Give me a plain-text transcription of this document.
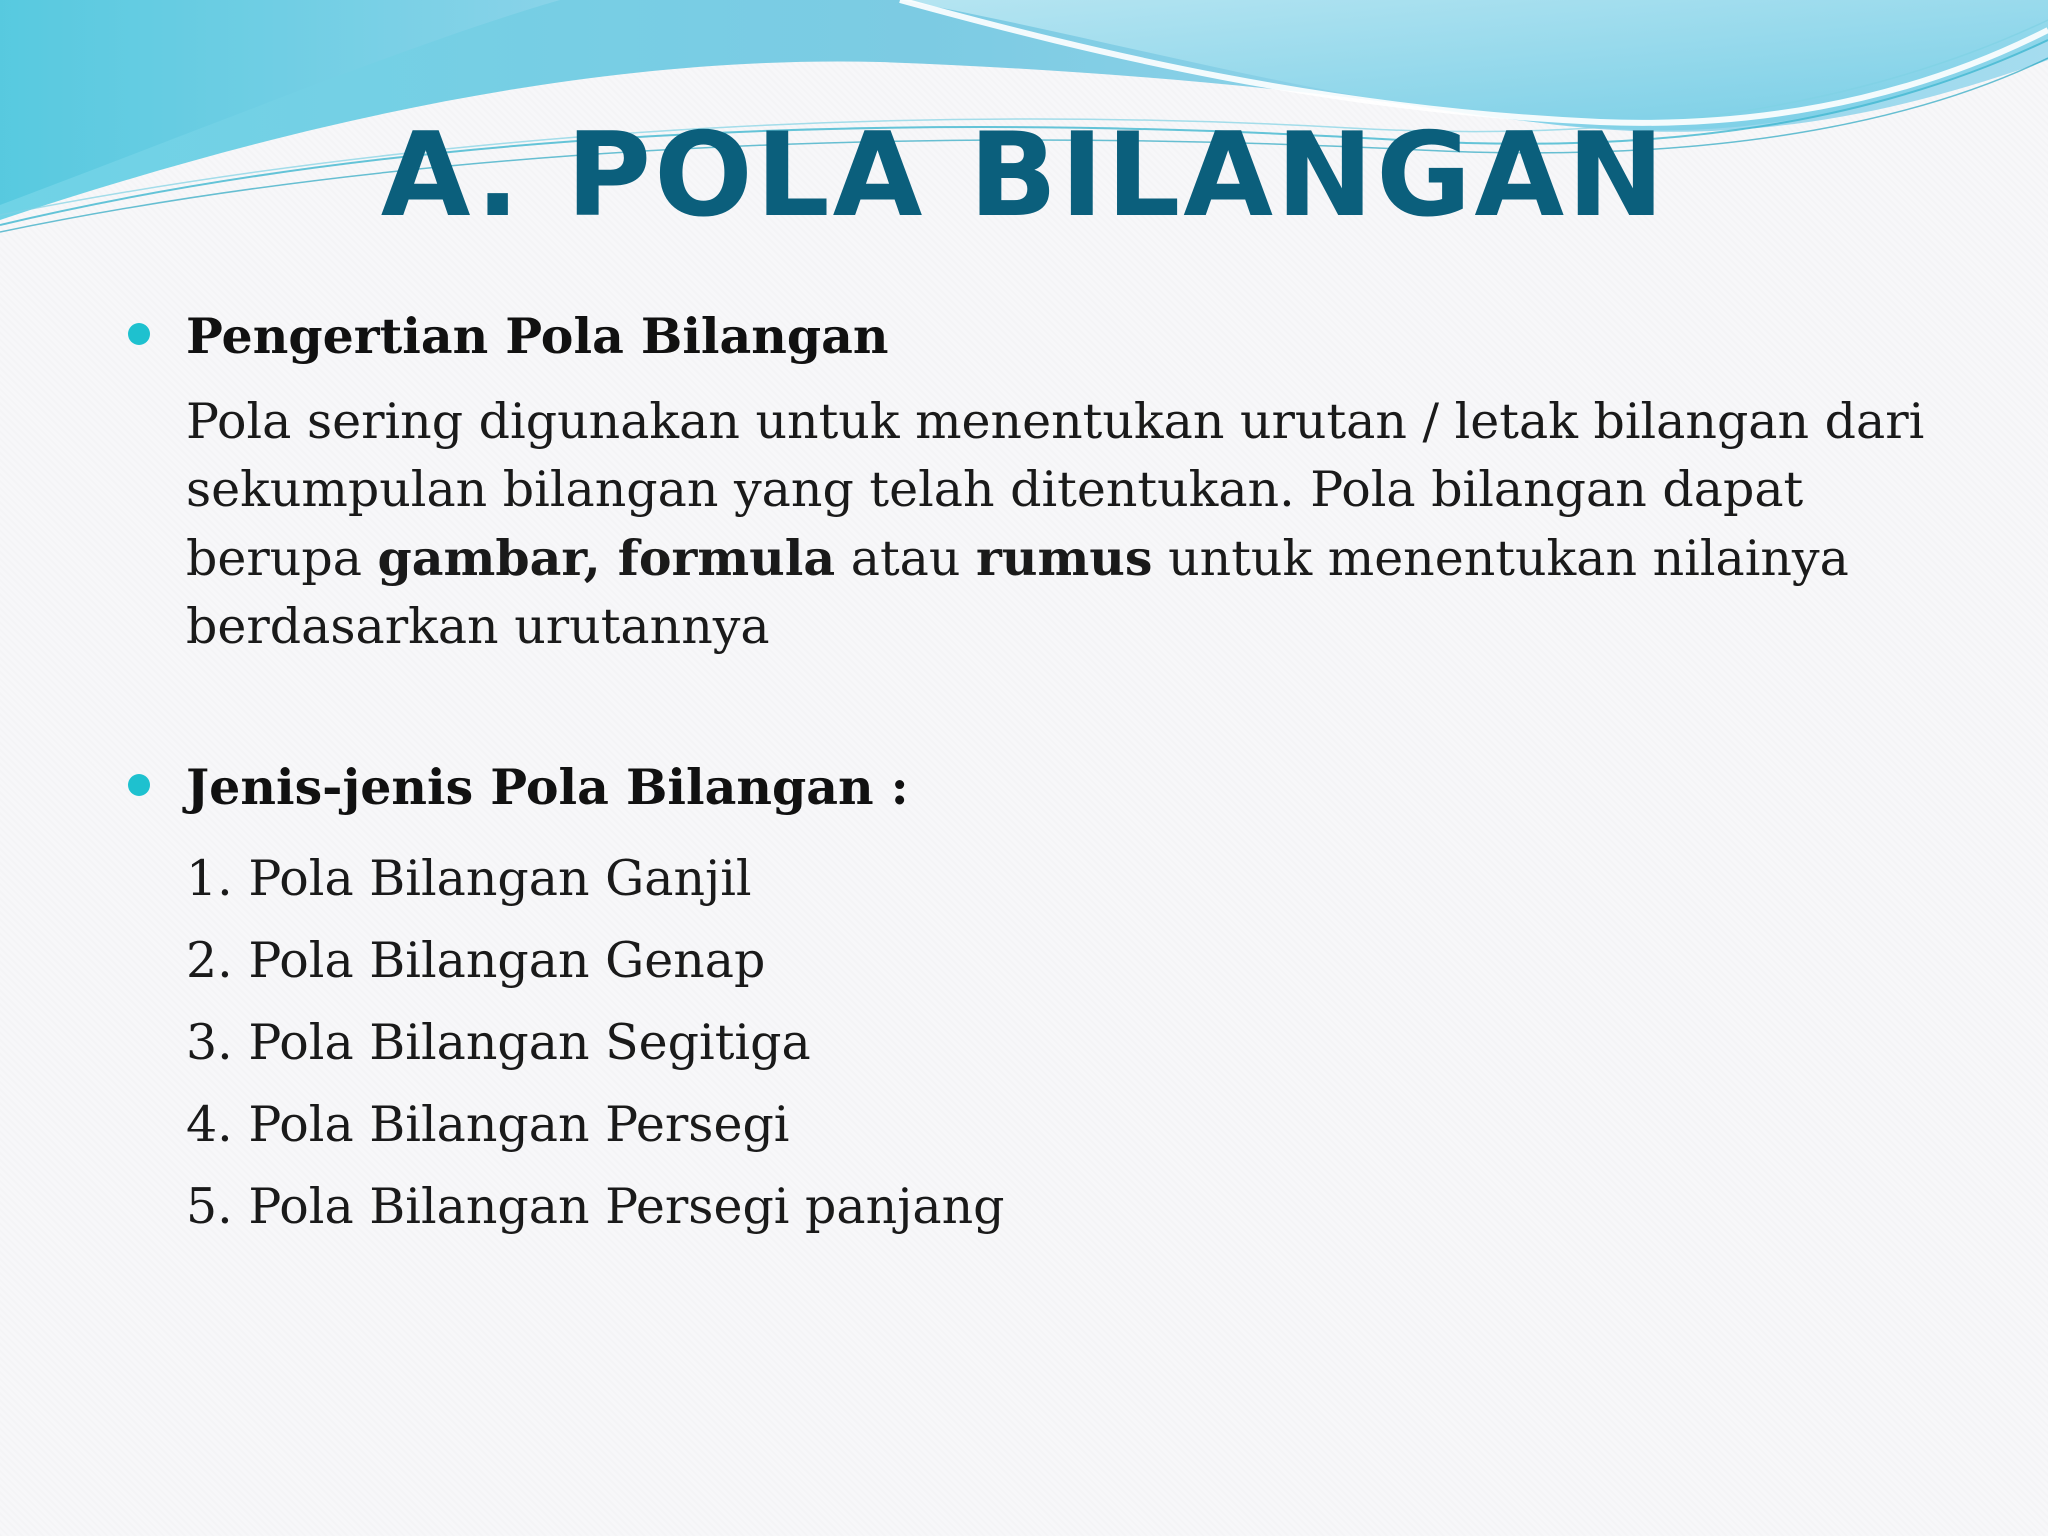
A. POLA BILANGAN
Pengertian Pola Bilangan

Pola sering digunakan untuk menentukan urutan / letak bilangan dari
sekumpulan bilangan yang telah ditentukan. Pola bilangan dapat
berupa gambar, formula atau rumus untuk menentukan nilainya
berdasarkan urutannya

Jenis-jenis Pola Bilangan :
1. Pola Bilangan Ganjil
2. Pola Bilangan Genap
3. Pola Bilangan Segitiga
4. Pola Bilangan Persegi
5. Pola Bilangan Persegi panjang
